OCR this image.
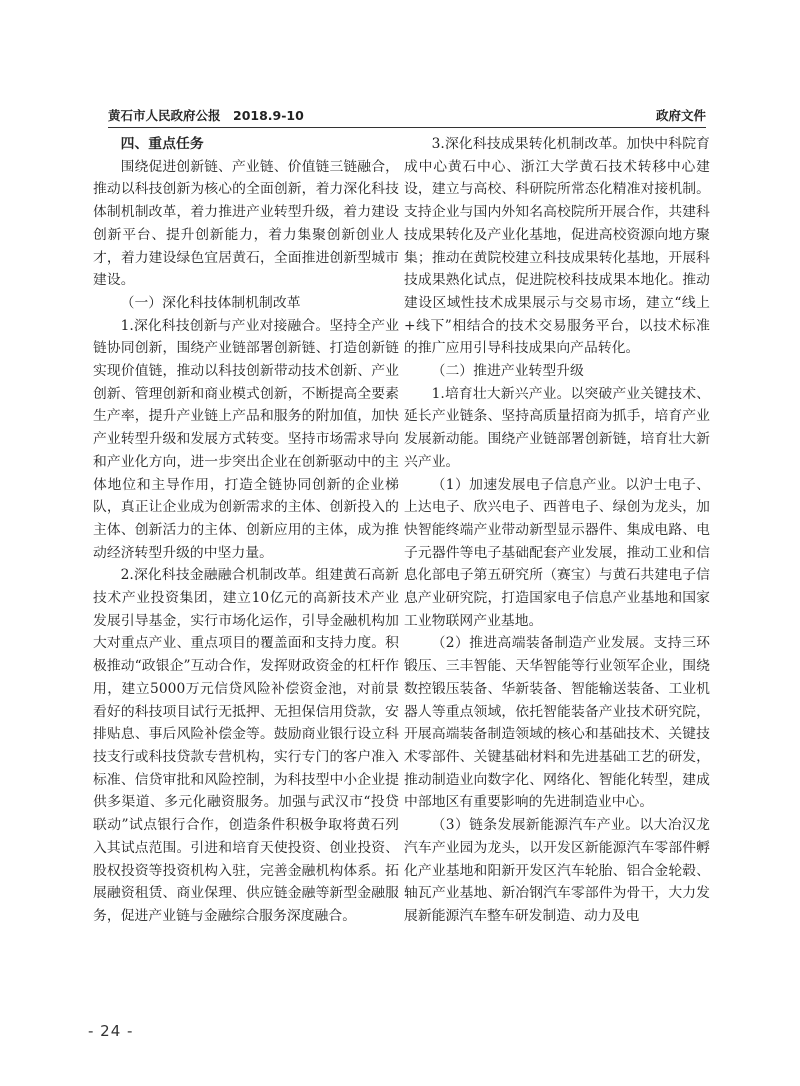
黄石市人民政府公报　2018.9-10	政府文件

四、重点任务

围绕促进创新链、产业链、价值链三链融合，推动以科技创新为核心的全面创新，着力深化科技体制机制改革，着力推进产业转型升级，着力建设创新平台、提升创新能力，着力集聚创新创业人才，着力建设绿色宜居黄石，全面推进创新型城市建设。

（一）深化科技体制机制改革

1.深化科技创新与产业对接融合。坚持全产业链协同创新，围绕产业链部署创新链、打造创新链实现价值链，推动以科技创新带动技术创新、产业创新、管理创新和商业模式创新，不断提高全要素生产率，提升产业链上产品和服务的附加值，加快产业转型升级和发展方式转变。坚持市场需求导向和产业化方向，进一步突出企业在创新驱动中的主体地位和主导作用，打造全链协同创新的企业梯队，真正让企业成为创新需求的主体、创新投入的主体、创新活力的主体、创新应用的主体，成为推动经济转型升级的中坚力量。

2.深化科技金融融合机制改革。组建黄石高新技术产业投资集团，建立10亿元的高新技术产业发展引导基金，实行市场化运作，引导金融机构加大对重点产业、重点项目的覆盖面和支持力度。积极推动“政银企”互动合作，发挥财政资金的杠杆作用，建立5000万元信贷风险补偿资金池，对前景看好的科技项目试行无抵押、无担保信用贷款，安排贴息、事后风险补偿金等。鼓励商业银行设立科技支行或科技贷款专营机构，实行专门的客户准入标准、信贷审批和风险控制，为科技型中小企业提供多渠道、多元化融资服务。加强与武汉市“投贷联动”试点银行合作，创造条件积极争取将黄石列入其试点范围。引进和培育天使投资、创业投资、股权投资等投资机构入驻，完善金融机构体系。拓展融资租赁、商业保理、供应链金融等新型金融服务，促进产业链与金融综合服务深度融合。

3.深化科技成果转化机制改革。加快中科院育成中心黄石中心、浙江大学黄石技术转移中心建设，建立与高校、科研院所常态化精准对接机制。支持企业与国内外知名高校院所开展合作，共建科技成果转化及产业化基地，促进高校资源向地方聚集；推动在黄院校建立科技成果转化基地，开展科技成果熟化试点，促进院校科技成果本地化。推动建设区域性技术成果展示与交易市场，建立“线上+线下”相结合的技术交易服务平台，以技术标准的推广应用引导科技成果向产品转化。

（二）推进产业转型升级

1.培育壮大新兴产业。以突破产业关键技术、延长产业链条、坚持高质量招商为抓手，培育产业发展新动能。围绕产业链部署创新链，培育壮大新兴产业。

（1）加速发展电子信息产业。以沪士电子、上达电子、欣兴电子、西普电子、绿创为龙头，加快智能终端产业带动新型显示器件、集成电路、电子元器件等电子基础配套产业发展，推动工业和信息化部电子第五研究所（赛宝）与黄石共建电子信息产业研究院，打造国家电子信息产业基地和国家工业物联网产业基地。

（2）推进高端装备制造产业发展。支持三环锻压、三丰智能、天华智能等行业领军企业，围绕数控锻压装备、华新装备、智能输送装备、工业机器人等重点领域，依托智能装备产业技术研究院，开展高端装备制造领域的核心和基础技术、关键技术零部件、关键基础材料和先进基础工艺的研发，推动制造业向数字化、网络化、智能化转型，建成中部地区有重要影响的先进制造业中心。

（3）链条发展新能源汽车产业。以大冶汉龙汽车产业园为龙头，以开发区新能源汽车零部件孵化产业基地和阳新开发区汽车轮胎、铝合金轮毂、轴瓦产业基地、新冶钢汽车零部件为骨干，大力发展新能源汽车整车研发制造、动力及电

- 24 -
